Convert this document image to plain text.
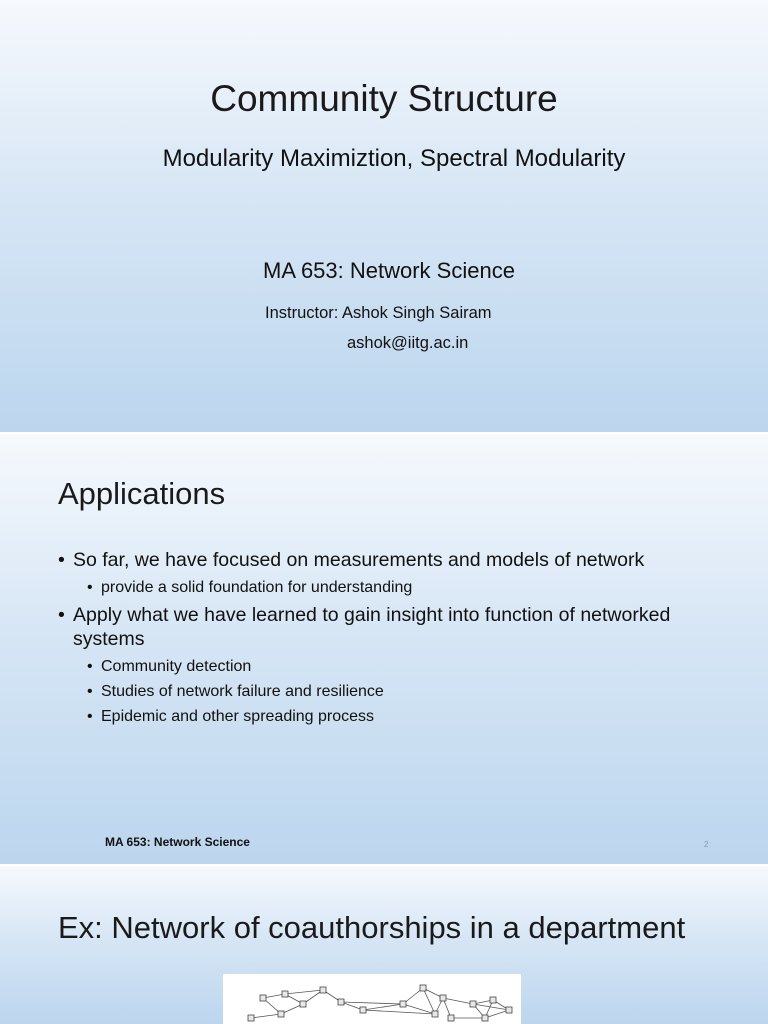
Community Structure
Modularity Maximiztion, Spectral Modularity
MA 653: Network Science
Instructor: Ashok Singh Sairam
ashok@iitg.ac.in
Applications
• So far, we have focused on measurements and models of network
• provide a solid foundation for understanding
• Apply what we have learned to gain insight into function of networked systems
• Community detection
• Studies of network failure and resilience
• Epidemic and other spreading process
MA 653: Network Science	2
Ex: Network of coauthorships in a department
